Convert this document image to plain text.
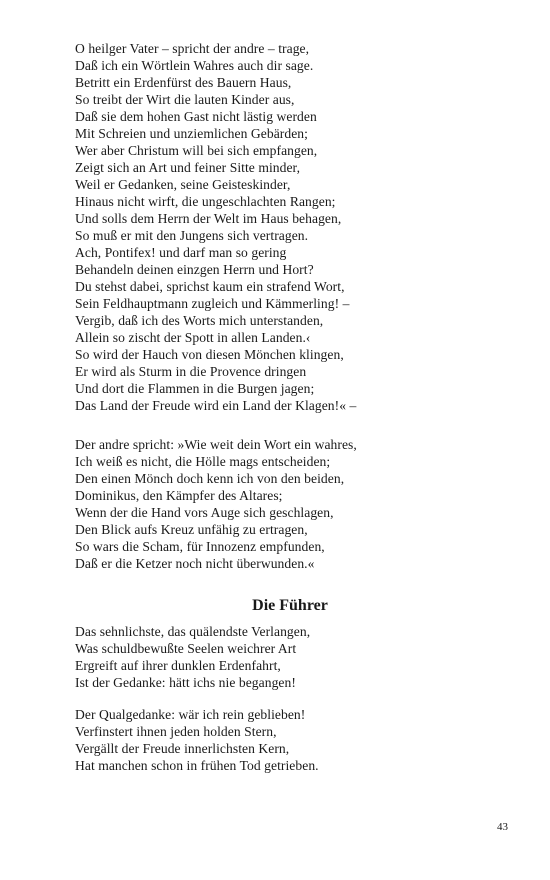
O heilger Vater – spricht der andre – trage,
Daß ich ein Wörtlein Wahres auch dir sage.
Betritt ein Erdenfürst des Bauern Haus,
So treibt der Wirt die lauten Kinder aus,
Daß sie dem hohen Gast nicht lästig werden
Mit Schreien und unziemlichen Gebärden;
Wer aber Christum will bei sich empfangen,
Zeigt sich an Art und feiner Sitte minder,
Weil er Gedanken, seine Geisteskinder,
Hinaus nicht wirft, die ungeschlachten Rangen;
Und solls dem Herrn der Welt im Haus behagen,
So muß er mit den Jungens sich vertragen.
Ach, Pontifex! und darf man so gering
Behandeln deinen einzgen Herrn und Hort?
Du stehst dabei, sprichst kaum ein strafend Wort,
Sein Feldhauptmann zugleich und Kämmerling! –
Vergib, daß ich des Worts mich unterstanden,
Allein so zischt der Spott in allen Landen.‹
So wird der Hauch von diesen Mönchen klingen,
Er wird als Sturm in die Provence dringen
Und dort die Flammen in die Burgen jagen;
Das Land der Freude wird ein Land der Klagen!« –
Der andre spricht: »Wie weit dein Wort ein wahres,
Ich weiß es nicht, die Hölle mags entscheiden;
Den einen Mönch doch kenn ich von den beiden,
Dominikus, den Kämpfer des Altares;
Wenn der die Hand vors Auge sich geschlagen,
Den Blick aufs Kreuz unfähig zu ertragen,
So wars die Scham, für Innozenz empfunden,
Daß er die Ketzer noch nicht überwunden.«
Die Führer
Das sehnlichste, das quälendste Verlangen,
Was schuldbewußte Seelen weichrer Art
Ergreift auf ihrer dunklen Erdenfahrt,
Ist der Gedanke: hätt ichs nie begangen!
Der Qualgedanke: wär ich rein geblieben!
Verfinstert ihnen jeden holden Stern,
Vergällt der Freude innerlichsten Kern,
Hat manchen schon in frühen Tod getrieben.
43
